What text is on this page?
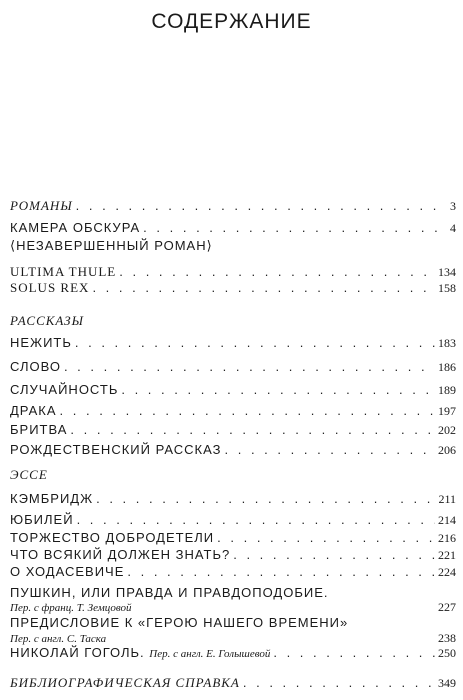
СОДЕРЖАНИЕ
РОМАНЫ . . .	3
КАМЕРА ОБСКУРА . . .	4
⟨НЕЗАВЕРШЕННЫЙ РОМАН⟩
ULTIMA THULE . . .	134
SOLUS REX . . .	158
РАССКАЗЫ
НЕЖИТЬ . . .	183
СЛОВО . . .	186
СЛУЧАЙНОСТЬ . . .	189
ДРАКА . . .	197
БРИТВА . . .	202
РОЖДЕСТВЕНСКИЙ РАССКАЗ . . .	206
ЭССЕ
КЭМБРИДЖ . . .	211
ЮБИЛЕЙ . . .	214
ТОРЖЕСТВО ДОБРОДЕТЕЛИ . . .	216
ЧТО ВСЯКИЙ ДОЛЖЕН ЗНАТЬ? . . .	221
О ХОДАСЕВИЧЕ . . .	224
ПУШКИН, ИЛИ ПРАВДА И ПРАВДОПОДОБИЕ.
Пер. с франц. Т. Земцовой	227
ПРЕДИСЛОВИЕ К «ГЕРОЮ НАШЕГО ВРЕМЕНИ»
Пер. с англ. С. Таска	238
НИКОЛАЙ ГОГОЛЬ. Пер. с англ. Е. Голышевой . . .	250
БИБЛИОГРАФИЧЕСКАЯ СПРАВКА . . .	349
